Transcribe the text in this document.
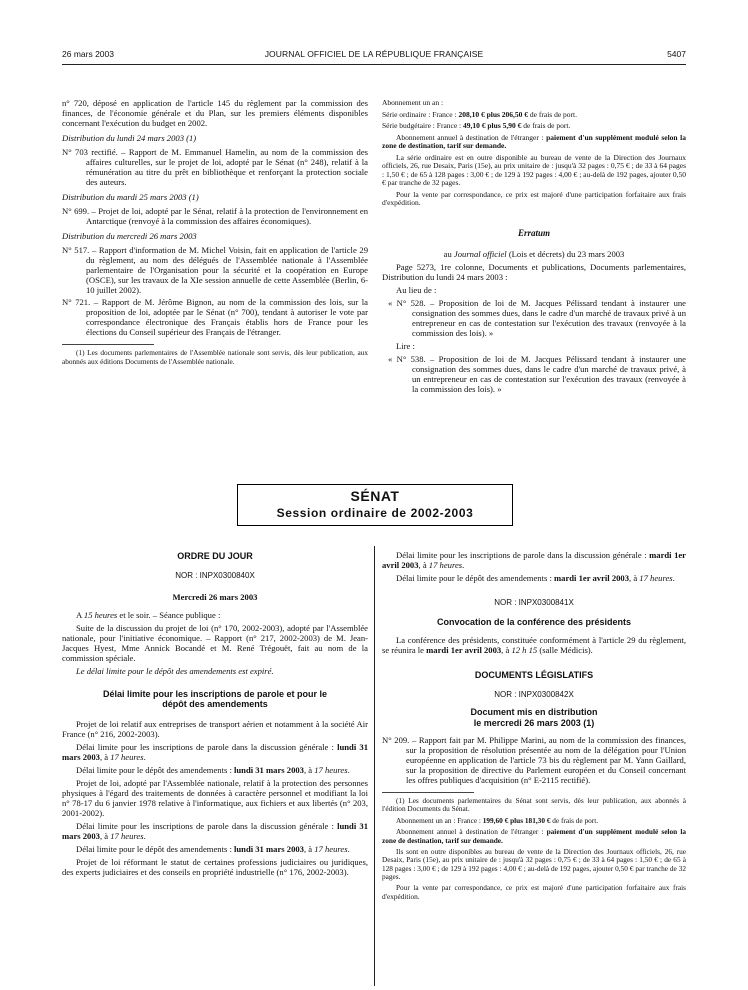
26 mars 2003	JOURNAL OFFICIEL DE LA RÉPUBLIQUE FRANÇAISE	5407

n° 720, déposé en application de l'article 145 du règlement par la commission des finances, de l'économie générale et du Plan, sur les premiers éléments disponibles concernant l'exécution du budget en 2002.

Distribution du lundi 24 mars 2003 (1)

N° 703 rectifié. – Rapport de M. Emmanuel Hamelin, au nom de la commission des affaires culturelles, sur le projet de loi, adopté par le Sénat (n° 248), relatif à la rémunération au titre du prêt en bibliothèque et renforçant la protection sociale des auteurs.

Distribution du mardi 25 mars 2003 (1)

N° 699. – Projet de loi, adopté par le Sénat, relatif à la protection de l'environnement en Antarctique (renvoyé à la commission des affaires économiques).

Distribution du mercredi 26 mars 2003

N° 517. – Rapport d'information de M. Michel Voisin, fait en application de l'article 29 du règlement, au nom des délégués de l'Assemblée nationale à l'Assemblée parlementaire de l'Organisation pour la sécurité et la coopération en Europe (OSCE), sur les travaux de la XIe session annuelle de cette Assemblée (Berlin, 6-10 juillet 2002).

N° 721. – Rapport de M. Jérôme Bignon, au nom de la commission des lois, sur la proposition de loi, adoptée par le Sénat (n° 700), tendant à autoriser le vote par correspondance électronique des Français établis hors de France pour les élections du Conseil supérieur des Français de l'étranger.

(1) Les documents parlementaires de l'Assemblée nationale sont servis, dès leur publication, aux abonnés aux éditions Documents de l'Assemblée nationale.

Abonnement un an :

Série ordinaire : France : 208,10 € plus 206,50 € de frais de port.

Série budgétaire : France : 49,10 € plus 5,90 € de frais de port.

Abonnement annuel à destination de l'étranger : paiement d'un supplément modulé selon la zone de destination, tarif sur demande.

La série ordinaire est en outre disponible au bureau de vente de la Direction des Journaux officiels, 26, rue Desaix, Paris (15e), au prix unitaire de : jusqu'à 32 pages : 0,75 € ; de 33 à 64 pages : 1,50 € ; de 65 à 128 pages : 3,00 € ; de 129 à 192 pages : 4,00 € ; au-delà de 192 pages, ajouter 0,50 € par tranche de 32 pages.

Pour la vente par correspondance, ce prix est majoré d'une participation forfaitaire aux frais d'expédition.

Erratum

au Journal officiel (Lois et décrets) du 23 mars 2003

Page 5273, 1re colonne, Documents et publications, Documents parlementaires, Distribution du lundi 24 mars 2003 :

Au lieu de :

« N° 528. – Proposition de loi de M. Jacques Pélissard tendant à instaurer une consignation des sommes dues, dans le cadre d'un marché de travaux privé à un entrepreneur en cas de contestation sur l'exécution des travaux (renvoyée à la commission des lois). »

Lire :

« N° 538. – Proposition de loi de M. Jacques Pélissard tendant à instaurer une consignation des sommes dues, dans le cadre d'un marché de travaux privé, à un entrepreneur en cas de contestation sur l'exécution des travaux (renvoyée à la commission des lois). »

SÉNAT
Session ordinaire de 2002-2003

ORDRE DU JOUR

NOR : INPX0300840X

Mercredi 26 mars 2003

A 15 heures et le soir. – Séance publique :

Suite de la discussion du projet de loi (n° 170, 2002-2003), adopté par l'Assemblée nationale, pour l'initiative économique. – Rapport (n° 217, 2002-2003) de M. Jean-Jacques Hyest, Mme Annick Bocandé et M. René Trégouët, fait au nom de la commission spéciale.

Le délai limite pour le dépôt des amendements est expiré.

Délai limite pour les inscriptions de parole et pour le dépôt des amendements

Projet de loi relatif aux entreprises de transport aérien et notamment à la société Air France (n° 216, 2002-2003).

Délai limite pour les inscriptions de parole dans la discussion générale : lundi 31 mars 2003, à 17 heures.

Délai limite pour le dépôt des amendements : lundi 31 mars 2003, à 17 heures.

Projet de loi, adopté par l'Assemblée nationale, relatif à la protection des personnes physiques à l'égard des traitements de données à caractère personnel et modifiant la loi n° 78-17 du 6 janvier 1978 relative à l'informatique, aux fichiers et aux libertés (n° 203, 2001-2002).

Délai limite pour les inscriptions de parole dans la discussion générale : lundi 31 mars 2003, à 17 heures.

Délai limite pour le dépôt des amendements : lundi 31 mars 2003, à 17 heures.

Projet de loi réformant le statut de certaines professions judiciaires ou juridiques, des experts judiciaires et des conseils en propriété industrielle (n° 176, 2002-2003).

Délai limite pour les inscriptions de parole dans la discussion générale : mardi 1er avril 2003, à 17 heures.

Délai limite pour le dépôt des amendements : mardi 1er avril 2003, à 17 heures.

NOR : INPX0300841X

Convocation de la conférence des présidents

La conférence des présidents, constituée conformément à l'article 29 du règlement, se réunira le mardi 1er avril 2003, à 12 h 15 (salle Médicis).

DOCUMENTS LÉGISLATIFS

NOR : INPX0300842X

Document mis en distribution

le mercredi 26 mars 2003 (1)

N° 209. – Rapport fait par M. Philippe Marini, au nom de la commission des finances, sur la proposition de résolution présentée au nom de la délégation pour l'Union européenne en application de l'article 73 bis du règlement par M. Yann Gaillard, sur la proposition de directive du Parlement européen et du Conseil concernant les offres publiques d'acquisition (n° E-2115 rectifié).

(1) Les documents parlementaires du Sénat sont servis, dès leur publication, aux abonnés à l'édition Documents du Sénat.

Abonnement un an : France : 199,60 € plus 181,30 € de frais de port.

Abonnement annuel à destination de l'étranger : paiement d'un supplément modulé selon la zone de destination, tarif sur demande.

Ils sont en outre disponibles au bureau de vente de la Direction des Journaux officiels, 26, rue Desaix, Paris (15e), au prix unitaire de : jusqu'à 32 pages : 0,75 € ; de 33 à 64 pages : 1,50 € ; de 65 à 128 pages : 3,00 € ; de 129 à 192 pages : 4,00 € ; au-delà de 192 pages, ajouter 0,50 € par tranche de 32 pages.

Pour la vente par correspondance, ce prix est majoré d'une participation forfaitaire aux frais d'expédition.
